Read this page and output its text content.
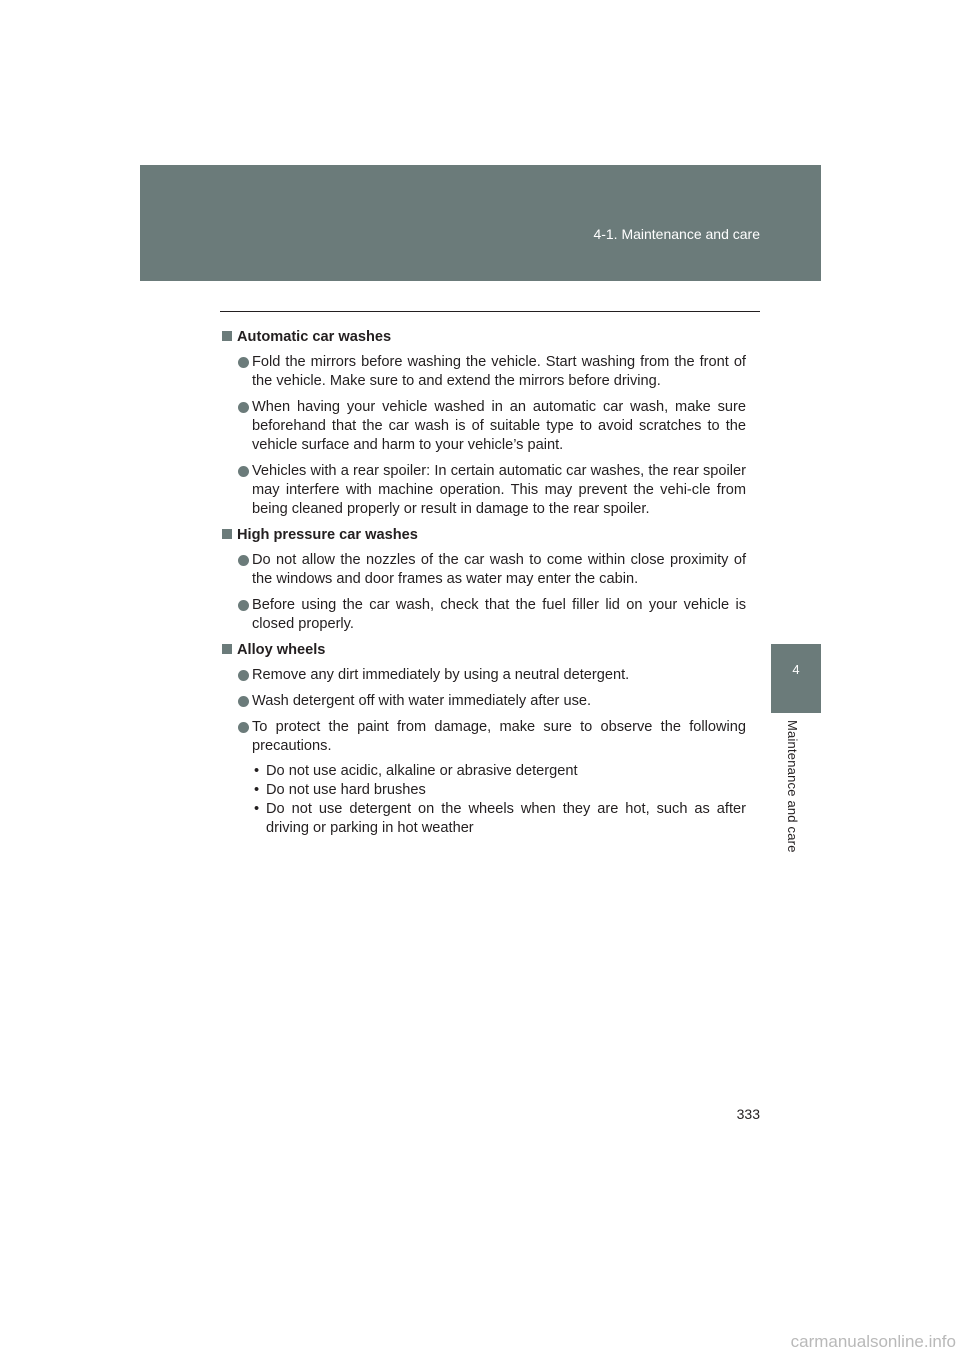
4-1. Maintenance and care
4
Maintenance and care
Automatic car washes
Fold the mirrors before washing the vehicle. Start washing from the front of the vehicle. Make sure to and extend the mirrors before driving.
When having your vehicle washed in an automatic car wash, make sure beforehand that the car wash is of suitable type to avoid scratches to the vehicle surface and harm to your vehicle’s paint.
Vehicles with a rear spoiler: In certain automatic car washes, the rear spoiler may interfere with machine operation. This may prevent the vehi-cle from being cleaned properly or result in damage to the rear spoiler.
High pressure car washes
Do not allow the nozzles of the car wash to come within close proximity of the windows and door frames as water may enter the cabin.
Before using the car wash, check that the fuel filler lid on your vehicle is closed properly.
Alloy wheels
Remove any dirt immediately by using a neutral detergent.
Wash detergent off with water immediately after use.
To protect the paint from damage, make sure to observe the following precautions.
• Do not use acidic, alkaline or abrasive detergent
• Do not use hard brushes
• Do not use detergent on the wheels when they are hot, such as after driving or parking in hot weather
333
carmanualsonline.info
